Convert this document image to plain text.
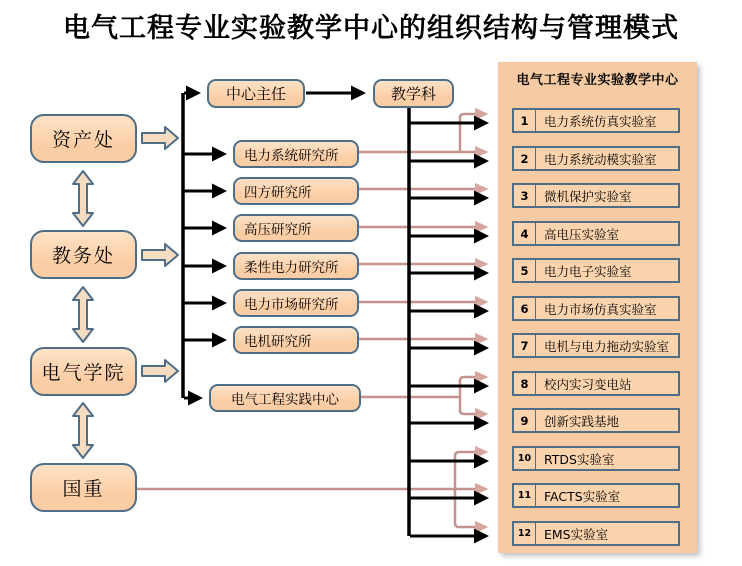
电气工程专业实验教学中心的组织结构与管理模式
资产处
教务处
电气学院
国重
中心主任	教学科
电力系统研究所
四方研究所
高压研究所
柔性电力研究所
电力市场研究所
电机研究所
电气工程实践中心
电气工程专业实验教学中心
1	电力系统仿真实验室
2	电力系统动模实验室
3	微机保护实验室
4	高电压实验室
5	电力电子实验室
6	电力市场仿真实验室
7	电机与电力拖动实验室
8	校内实习变电站
9	创新实践基地
10	RTDS实验室
11	FACTS实验室
12	EMS实验室
